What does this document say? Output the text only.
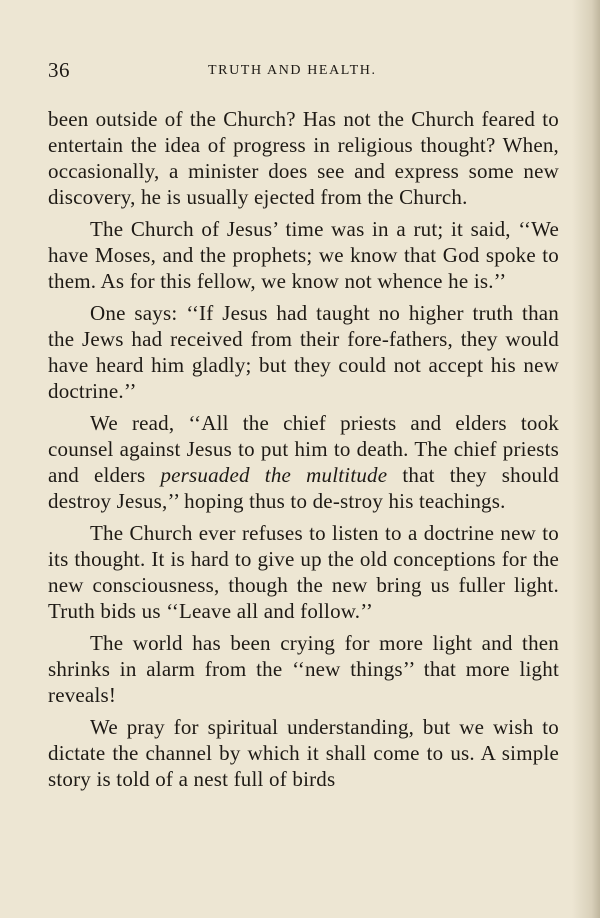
36	TRUTH AND HEALTH.

been outside of the Church? Has not the Church feared to entertain the idea of progress in religious thought? When, occasionally, a minister does see and express some new discovery, he is usually ejected from the Church.

The Church of Jesus’ time was in a rut; it said, ‘‘We have Moses, and the prophets; we know that God spoke to them. As for this fellow, we know not whence he is.’’

One says: ‘‘If Jesus had taught no higher truth than the Jews had received from their fore-fathers, they would have heard him gladly; but they could not accept his new doctrine.’’

We read, ‘‘All the chief priests and elders took counsel against Jesus to put him to death. The chief priests and elders persuaded the multitude that they should destroy Jesus,’’ hoping thus to de-stroy his teachings.

The Church ever refuses to listen to a doctrine new to its thought. It is hard to give up the old conceptions for the new consciousness, though the new bring us fuller light. Truth bids us ‘‘Leave all and follow.’’

The world has been crying for more light and then shrinks in alarm from the ‘‘new things’’ that more light reveals!

We pray for spiritual understanding, but we wish to dictate the channel by which it shall come to us. A simple story is told of a nest full of birds
